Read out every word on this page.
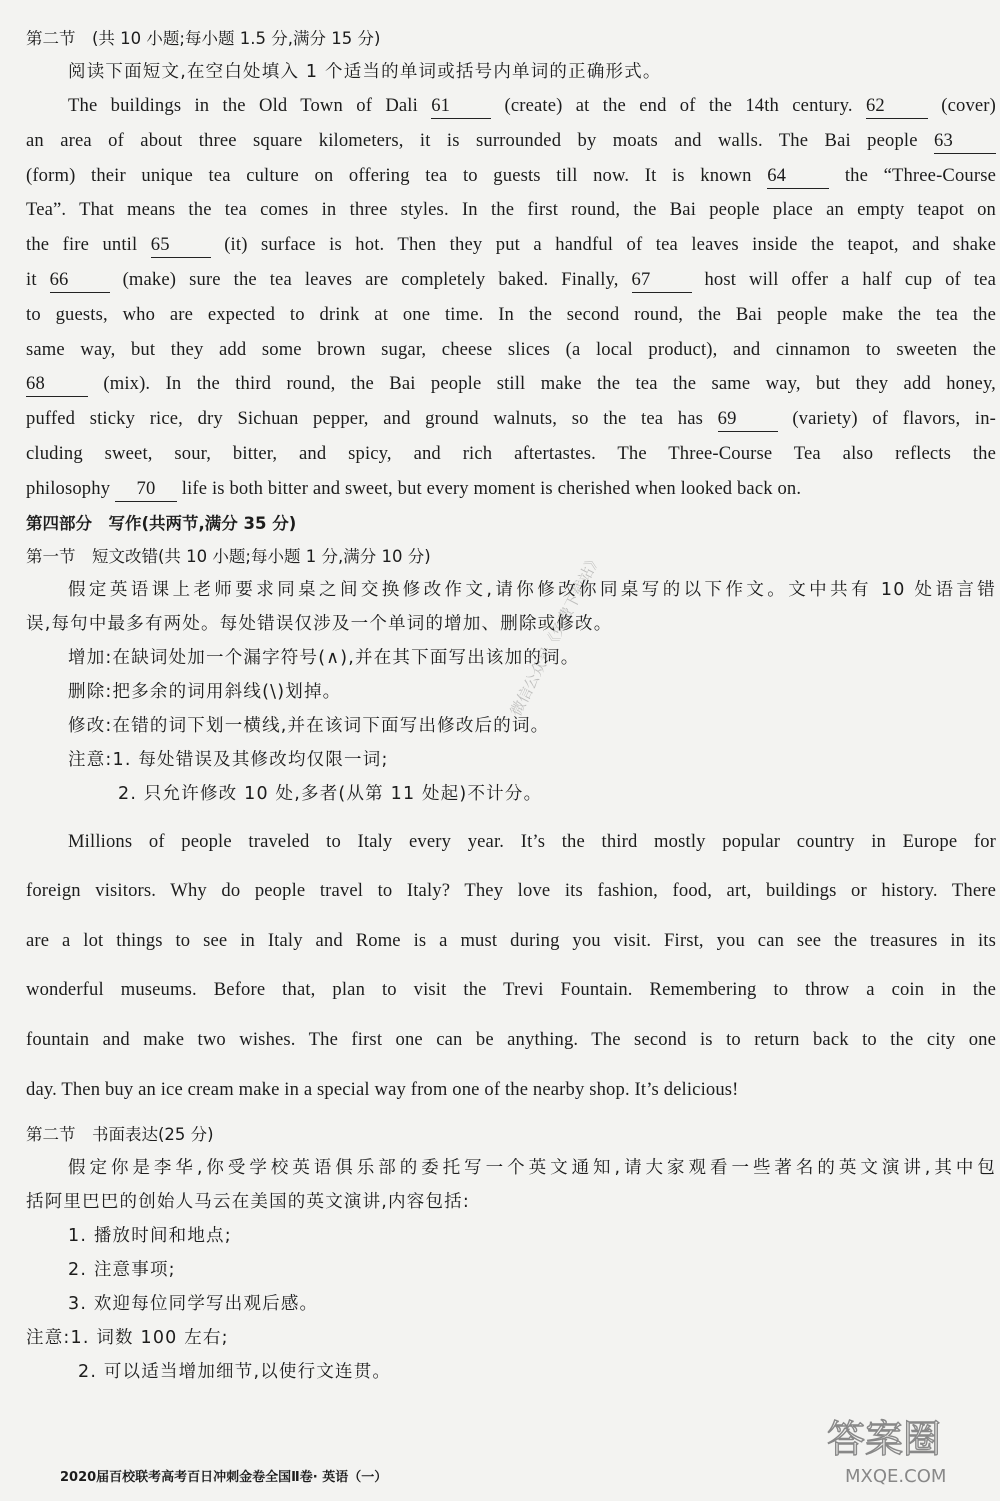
第二节　(共 10 小题;每小题 1.5 分,满分 15 分)
阅读下面短文,在空白处填入 1 个适当的单词或括号内单词的正确形式。
The buildings in the Old Town of Dali 61	(create) at the end of the 14th century. 62	(cover)
an area of about three square kilometers, it is surrounded by moats and walls. The Bai people 63
(form) their unique tea culture on offering tea to guests till now. It is known 64	the “Three-Course
Tea”. That means the tea comes in three styles. In the first round, the Bai people place an empty teapot on
the fire until 65	(it) surface is hot. Then they put a handful of tea leaves inside the teapot, and shake
it 66	(make) sure the tea leaves are completely baked. Finally, 67	host will offer a half cup of tea
to guests, who are expected to drink at one time. In the second round, the Bai people make the tea the
same way, but they add some brown sugar, cheese slices (a local product), and cinnamon to sweeten the
68	(mix). In the third round, the Bai people still make the tea the same way, but they add honey,
puffed sticky rice, dry Sichuan pepper, and ground walnuts, so the tea has 69	(variety) of flavors, in-
cluding sweet, sour, bitter, and spicy, and rich aftertastes. The Three-Course Tea also reflects the
philosophy 70 life is both bitter and sweet, but every moment is cherished when looked back on.
第四部分　写作(共两节,满分 35 分)
第一节　短文改错(共 10 小题;每小题 1 分,满分 10 分)
假定英语课上老师要求同桌之间交换修改作文,请你修改你同桌写的以下作文。文中共有 10 处语言错
误,每句中最多有两处。每处错误仅涉及一个单词的增加、删除或修改。
增加:在缺词处加一个漏字符号(∧),并在其下面写出该加的词。
删除:把多余的词用斜线(\)划掉。
修改:在错的词下划一横线,并在该词下面写出修改后的词。
注意:1. 每处错误及其修改均仅限一词;
2. 只允许修改 10 处,多者(从第 11 处起)不计分。
Millions of people traveled to Italy every year. It’s the third mostly popular country in Europe for
foreign visitors. Why do people travel to Italy? They love its fashion, food, art, buildings or history. There
are a lot things to see in Italy and Rome is a must during you visit. First, you can see the treasures in its
wonderful museums. Before that, plan to visit the Trevi Fountain. Remembering to throw a coin in the
fountain and make two wishes. The first one can be anything. The second is to return back to the city one
day. Then buy an ice cream make in a special way from one of the nearby shop. It’s delicious!
第二节　书面表达(25 分)
假定你是李华,你受学校英语俱乐部的委托写一个英文通知,请大家观看一些著名的英文演讲,其中包
括阿里巴巴的创始人马云在美国的英文演讲,内容包括:
1. 播放时间和地点;
2. 注意事项;
3. 欢迎每位同学写出观后感。
注意:1. 词数 100 左右;
2. 可以适当增加细节,以使行文连贯。
微信公众号《免费下载站》
答案圈
MXQE.COM
2020届百校联考高考百日冲刺金卷全国Ⅱ卷· 英语（一）
